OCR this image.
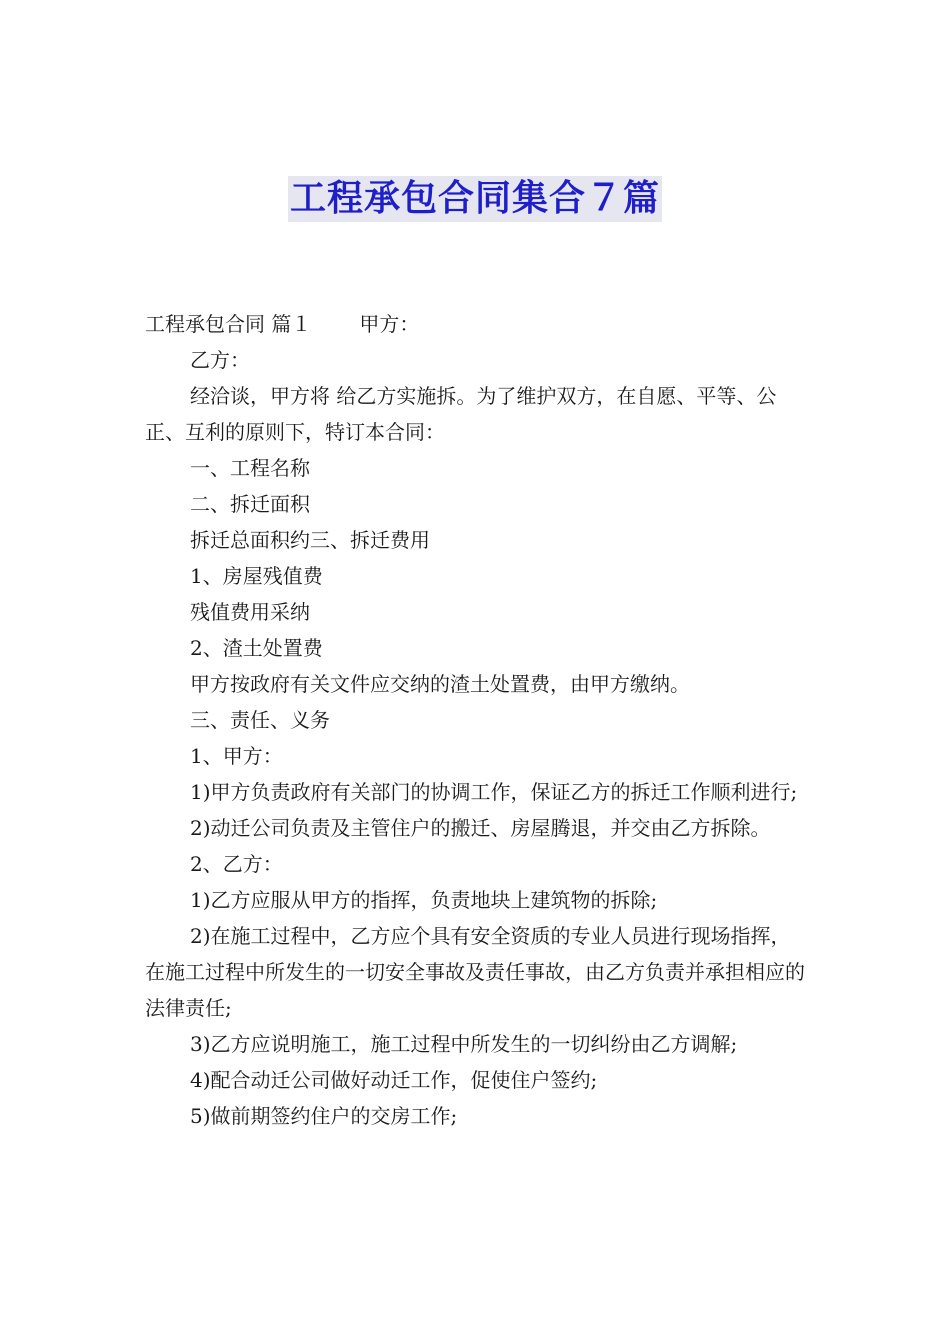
工程承包合同集合７篇
工程承包合同 篇１ 甲方：

乙方：

经洽谈，甲方将 给乙方实施拆。为了维护双方，在自愿、平等、公正、互利的原则下，特订本合同：

一、工程名称

二、拆迁面积

拆迁总面积约三、拆迁费用

1、房屋残值费

残值费用采纳

2、渣土处置费

甲方按政府有关文件应交纳的渣土处置费，由甲方缴纳。

三、责任、义务

1、甲方：

1)甲方负责政府有关部门的协调工作，保证乙方的拆迁工作顺利进行;

2)动迁公司负责及主管住户的搬迁、房屋腾退，并交由乙方拆除。

2、乙方：

1)乙方应服从甲方的指挥，负责地块上建筑物的拆除;

2)在施工过程中，乙方应个具有安全资质的专业人员进行现场指挥，在施工过程中所发生的一切安全事故及责任事故，由乙方负责并承担相应的法律责任;

3)乙方应说明施工，施工过程中所发生的一切纠纷由乙方调解;

4)配合动迁公司做好动迁工作，促使住户签约;

5)做前期签约住户的交房工作;
